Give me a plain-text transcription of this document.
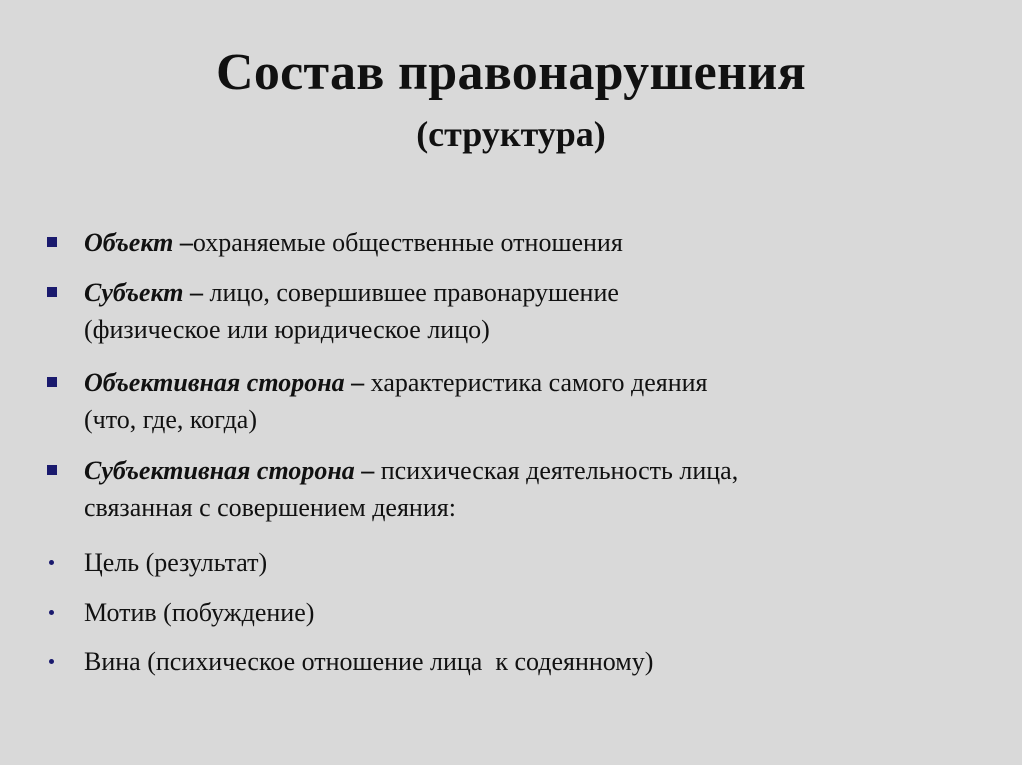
Состав правонарушения
(структура)
Объект –охраняемые общественные отношения
Субъект – лицо, совершившее правонарушение
(физическое или юридическое лицо)
Объективная сторона – характеристика самого деяния
(что, где, когда)
Субъективная сторона – психическая деятельность лица,
связанная с совершением деяния:
Цель (результат)
Мотив (побуждение)
Вина (психическое отношение лица  к содеянному)
